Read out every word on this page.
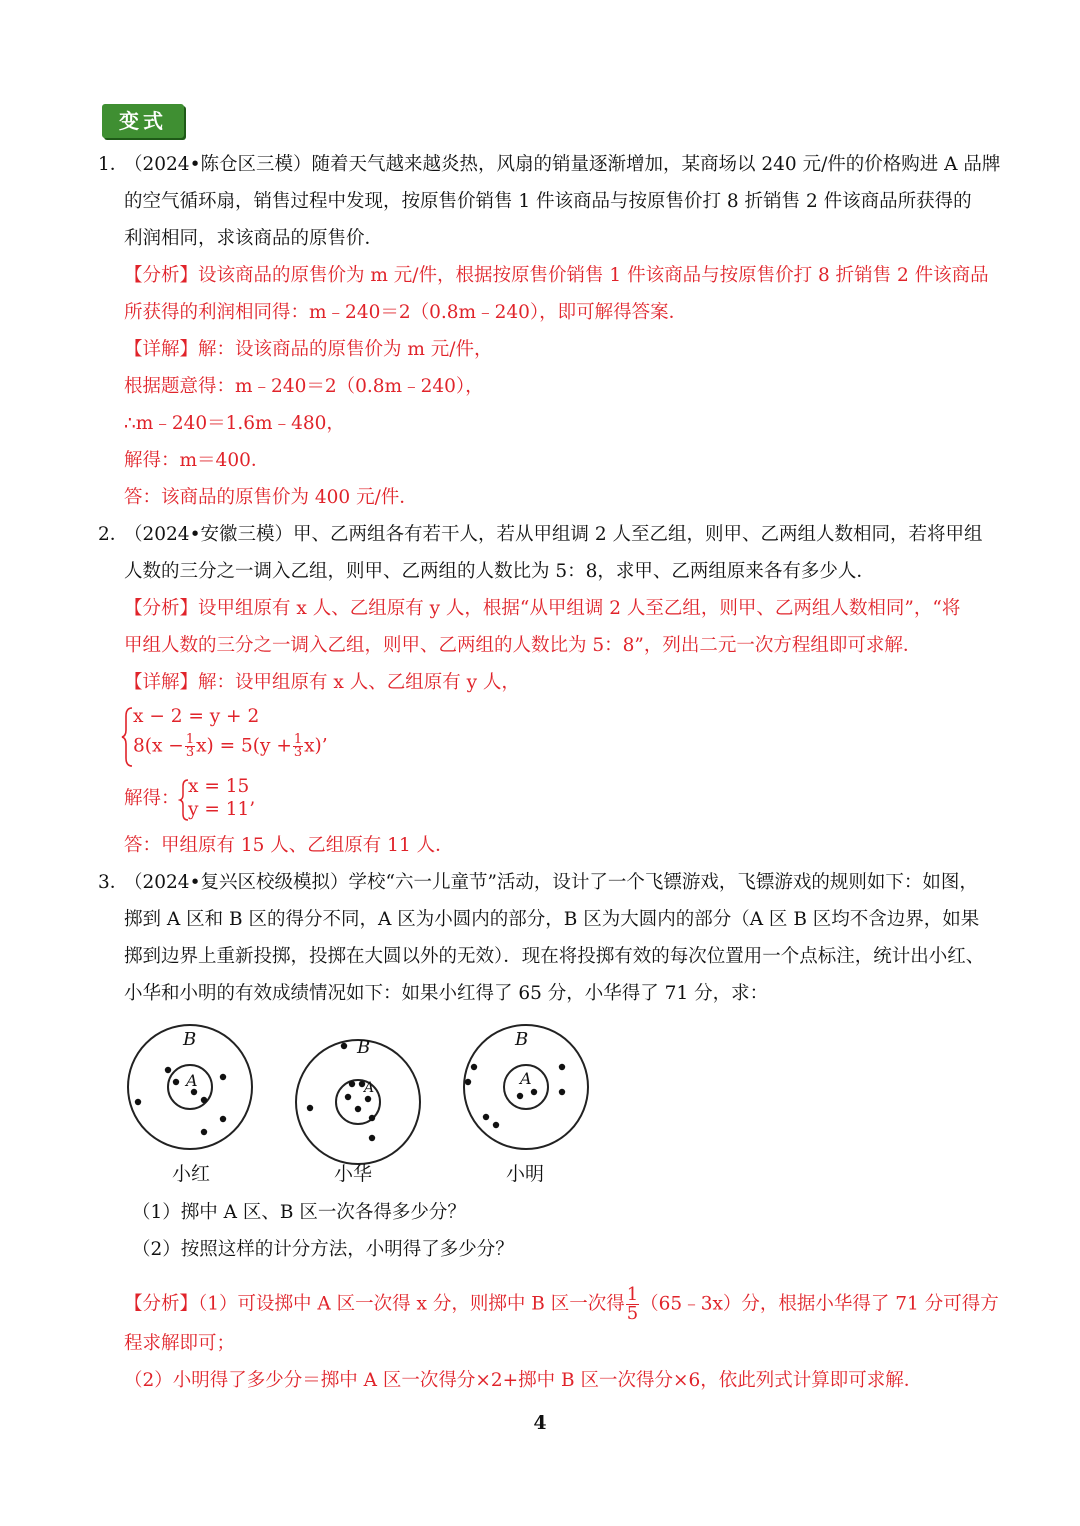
变式
1．
（2024•陈仓区三模）随着天气越来越炎热，风扇的销量逐渐增加，某商场以 240 元/件的价格购进 A 品牌
的空气循环扇，销售过程中发现，按原售价销售 1 件该商品与按原售价打 8 折销售 2 件该商品所获得的
利润相同，求该商品的原售价．
【分析】设该商品的原售价为 m 元/件，根据按原售价销售 1 件该商品与按原售价打 8 折销售 2 件该商品
所获得的利润相同得：m﹣240＝2（0.8m﹣240），即可解得答案．
【详解】解：设该商品的原售价为 m 元/件，
根据题意得：m﹣240＝2（0.8m﹣240），
∴m﹣240＝1.6m﹣480，
解得：m＝400．
答：该商品的原售价为 400 元/件．
2．
（2024•安徽三模）甲、乙两组各有若干人，若从甲组调 2 人至乙组，则甲、乙两组人数相同，若将甲组
人数的三分之一调入乙组，则甲、乙两组的人数比为 5：8，求甲、乙两组原来各有多少人．
【分析】设甲组原有 x 人、乙组原有 y 人，根据“从甲组调 2 人至乙组，则甲、乙两组人数相同”，“将
甲组人数的三分之一调入乙组，则甲、乙两组的人数比为 5：8”，列出二元一次方程组即可求解．
【详解】解：设甲组原有 x 人、乙组原有 y 人，
x − 2 = y + 2
$8(x - \frac{1}{3} x) = 5(y + \frac{1}{3} x)$’
解得：
x = 15
y = 11’
答：甲组原有 15 人、乙组原有 11 人．
3．
（2024•复兴区校级模拟）学校“六一儿童节”活动，设计了一个飞镖游戏，飞镖游戏的规则如下：如图，
掷到 A 区和 B 区的得分不同，A 区为小圆内的部分，B 区为大圆内的部分（A 区 B 区均不含边界，如果
掷到边界上重新投掷，投掷在大圆以外的无效）．现在将投掷有效的每次位置用一个点标注，统计出小红、
小华和小明的有效成绩情况如下：如果小红得了 65 分，小华得了 71 分，求：
B
A
B
A
B
A
小红	小华	小明
（1）掷中 A 区、B 区一次各得多少分？
（2）按照这样的计分方法，小明得了多少分？
【分析】（1）可设掷中 A 区一次得 x 分，则掷中 B 区一次得 $\frac{1}{5}$ （65﹣3x）分，根据小华得了 71 分可得方
程求解即可；
（2）小明得了多少分＝掷中 A 区一次得分×2+掷中 B 区一次得分×6，依此列式计算即可求解．
4
